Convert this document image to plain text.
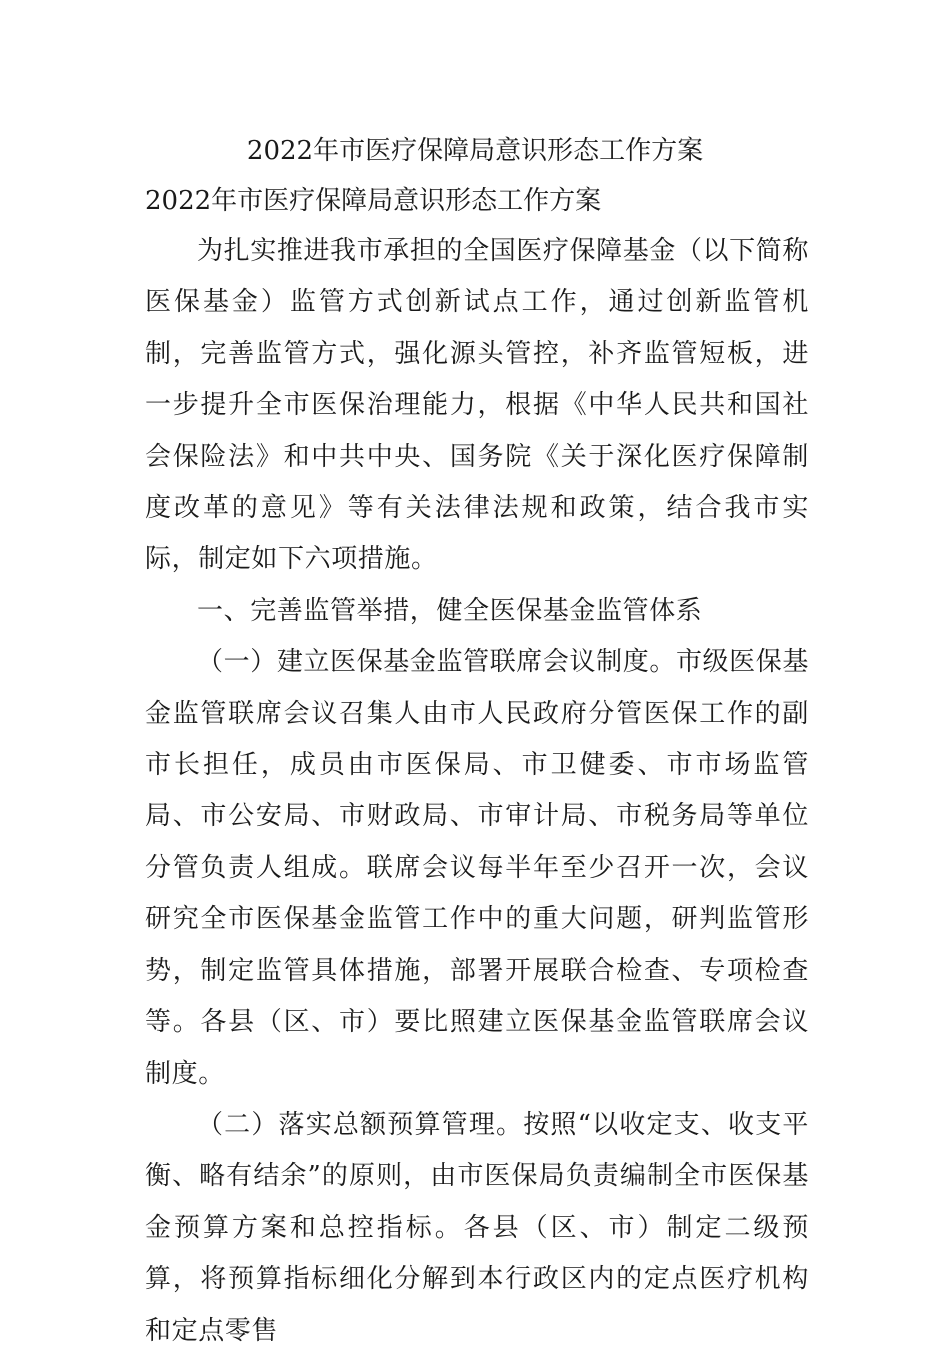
2022年市医疗保障局意识形态工作方案
2022年市医疗保障局意识形态工作方案

为扎实推进我市承担的全国医疗保障基金（以下简称医保基金）监管方式创新试点工作，通过创新监管机制，完善监管方式，强化源头管控，补齐监管短板，进一步提升全市医保治理能力，根据《中华人民共和国社会保险法》和中共中央、国务院《关于深化医疗保障制度改革的意见》等有关法律法规和政策，结合我市实际，制定如下六项措施。

一、完善监管举措，健全医保基金监管体系

（一）建立医保基金监管联席会议制度。市级医保基金监管联席会议召集人由市人民政府分管医保工作的副市长担任，成员由市医保局、市卫健委、市市场监管局、市公安局、市财政局、市审计局、市税务局等单位分管负责人组成。联席会议每半年至少召开一次，会议研究全市医保基金监管工作中的重大问题，研判监管形势，制定监管具体措施，部署开展联合检查、专项检查等。各县（区、市）要比照建立医保基金监管联席会议制度。

（二）落实总额预算管理。按照“以收定支、收支平衡、略有结余”的原则，由市医保局负责编制全市医保基金预算方案和总控指标。各县（区、市）制定二级预算，将预算指标细化分解到本行政区内的定点医疗机构和定点零售
